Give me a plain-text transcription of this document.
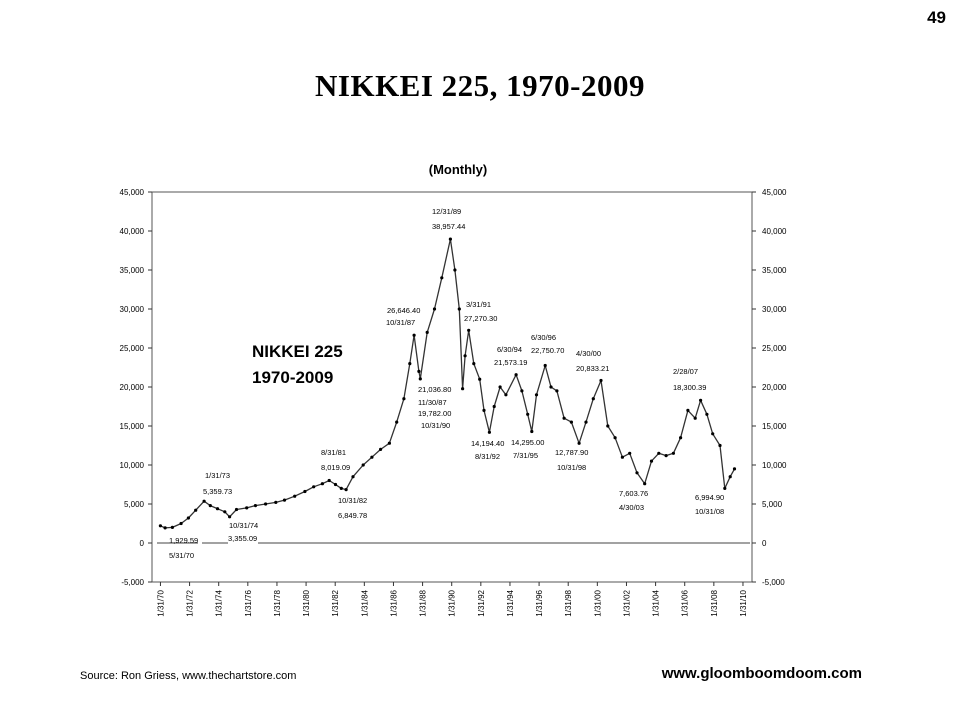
49
NIKKEI 225, 1970-2009
(Monthly)
-5,000	-5,000
0	0
5,000	5,000
10,000	10,000
15,000	15,000
20,000	20,000
25,000	25,000
30,000	30,000
35,000	35,000
40,000	40,000
45,000	45,000
1/31/70	1/31/72	1/31/74	1/31/76	1/31/78	1/31/80	1/31/82	1/31/84	1/31/86	1/31/88	1/31/90	1/31/92	1/31/94	1/31/96	1/31/98	1/31/00	1/31/02	1/31/04	1/31/06	1/31/08	1/31/10
NIKKEI 225
1970-2009
1,929.59
5/31/70
1/31/73
5,359.73
10/31/74
3,355.09
8/31/81
8,019.09
10/31/82
6,849.78
26,646.40
10/31/87
21,036.80
11/30/87
12/31/89
38,957.44
19,782.00
10/31/90
3/31/91
27,270.30
14,194.40
8/31/92
6/30/94
21,573.19
14,295.00
7/31/95
6/30/96
22,750.70
12,787.90
10/31/98
4/30/00
20,833.21
7,603.76
4/30/03
2/28/07
18,300.39
6,994.90
10/31/08
Source: Ron Griess, www.thechartstore.com	www.gloomboomdoom.com
